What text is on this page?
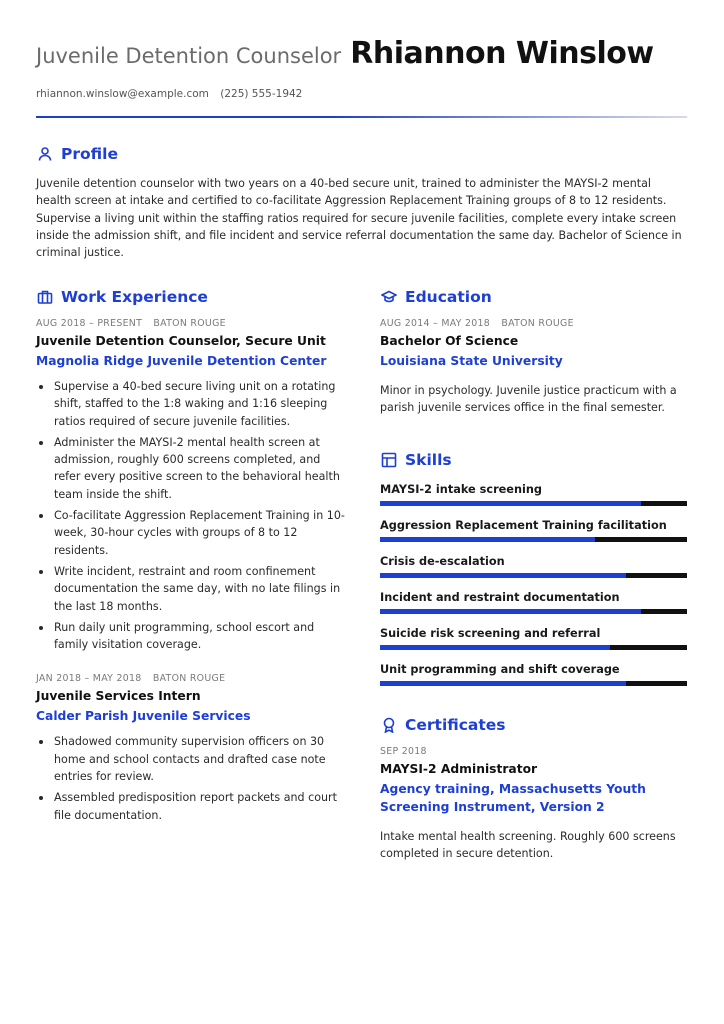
Juvenile Detention Counselor Rhiannon Winslow
rhiannon.winslow@example.com (225) 555-1942
Profile

Juvenile detention counselor with two years on a 40-bed secure unit, trained to administer the MAYSI-2 mental health screen at intake and certified to co-facilitate Aggression Replacement Training groups of 8 to 12 residents. Supervise a living unit within the staffing ratios required for secure juvenile facilities, complete every intake screen inside the admission shift, and file incident and service referral documentation the same day. Bachelor of Science in criminal justice.

Work Experience
AUG 2018 – PRESENT BATON ROUGE
Juvenile Detention Counselor, Secure Unit
Magnolia Ridge Juvenile Detention Center
Supervise a 40-bed secure living unit on a rotating shift, staffed to the 1:8 waking and 1:16 sleeping ratios required of secure juvenile facilities.
Administer the MAYSI-2 mental health screen at admission, roughly 600 screens completed, and refer every positive screen to the behavioral health team inside the shift.
Co-facilitate Aggression Replacement Training in 10-week, 30-hour cycles with groups of 8 to 12 residents.
Write incident, restraint and room confinement documentation the same day, with no late filings in the last 18 months.
Run daily unit programming, school escort and family visitation coverage.
JAN 2018 – MAY 2018 BATON ROUGE
Juvenile Services Intern
Calder Parish Juvenile Services
Shadowed community supervision officers on 30 home and school contacts and drafted case note entries for review.
Assembled predisposition report packets and court file documentation.
Education
AUG 2014 – MAY 2018 BATON ROUGE
Bachelor Of Science
Louisiana State University

Minor in psychology. Juvenile justice practicum with a parish juvenile services office in the final semester.

Skills
MAYSI-2 intake screening
Aggression Replacement Training facilitation
Crisis de-escalation
Incident and restraint documentation
Suicide risk screening and referral
Unit programming and shift coverage
Certificates
SEP 2018
MAYSI-2 Administrator
Agency training, Massachusetts Youth Screening Instrument, Version 2

Intake mental health screening. Roughly 600 screens completed in secure detention.
